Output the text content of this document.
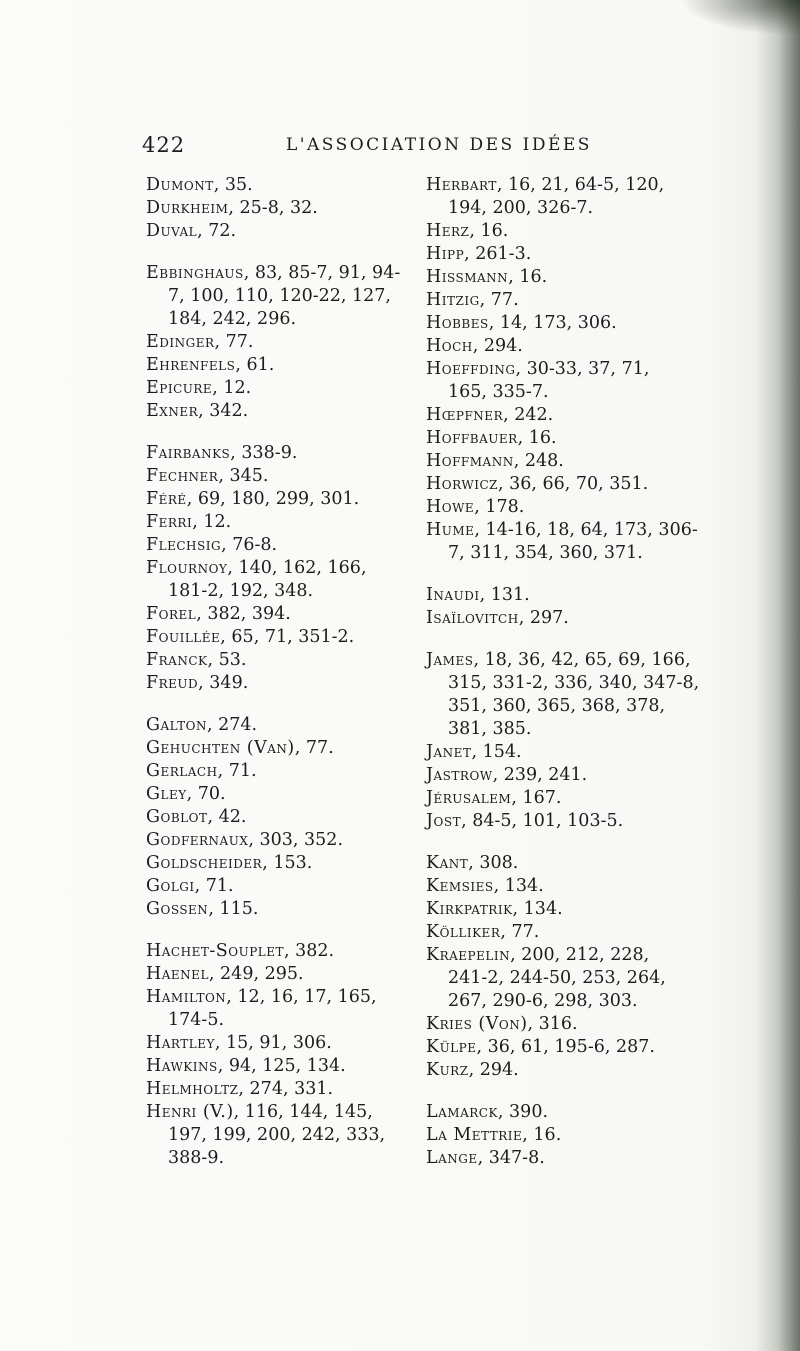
422	L'ASSOCIATION DES IDÉES
Dumont, 35.
Durkheim, 25-8, 32.
Duval, 72.
Ebbinghaus, 83, 85-7, 91, 94-
7, 100, 110, 120-22, 127,
184, 242, 296.
Edinger, 77.
Ehrenfels, 61.
Epicure, 12.
Exner, 342.
Fairbanks, 338-9.
Fechner, 345.
Féré, 69, 180, 299, 301.
Ferri, 12.
Flechsig, 76-8.
Flournoy, 140, 162, 166,
181-2, 192, 348.
Forel, 382, 394.
Fouillée, 65, 71, 351-2.
Franck, 53.
Freud, 349.
Galton, 274.
Gehuchten (Van), 77.
Gerlach, 71.
Gley, 70.
Goblot, 42.
Godfernaux, 303, 352.
Goldscheider, 153.
Golgi, 71.
Gossen, 115.
Hachet-Souplet, 382.
Haenel, 249, 295.
Hamilton, 12, 16, 17, 165,
174-5.
Hartley, 15, 91, 306.
Hawkins, 94, 125, 134.
Helmholtz, 274, 331.
Henri (V.), 116, 144, 145,
197, 199, 200, 242, 333,
388-9.
Herbart, 16, 21, 64-5, 120,
194, 200, 326-7.
Herz, 16.
Hipp, 261-3.
Hissmann, 16.
Hitzig, 77.
Hobbes, 14, 173, 306.
Hoch, 294.
Hoeffding, 30-33, 37, 71,
165, 335-7.
Hœpfner, 242.
Hoffbauer, 16.
Hoffmann, 248.
Horwicz, 36, 66, 70, 351.
Howe, 178.
Hume, 14-16, 18, 64, 173, 306-
7, 311, 354, 360, 371.
Inaudi, 131.
Isaïlovitch, 297.
James, 18, 36, 42, 65, 69, 166,
315, 331-2, 336, 340, 347-8,
351, 360, 365, 368, 378,
381, 385.
Janet, 154.
Jastrow, 239, 241.
Jérusalem, 167.
Jost, 84-5, 101, 103-5.
Kant, 308.
Kemsies, 134.
Kirkpatrik, 134.
Kölliker, 77.
Kraepelin, 200, 212, 228,
241-2, 244-50, 253, 264,
267, 290-6, 298, 303.
Kries (Von), 316.
Külpe, 36, 61, 195-6, 287.
Kurz, 294.
Lamarck, 390.
La Mettrie, 16.
Lange, 347-8.
